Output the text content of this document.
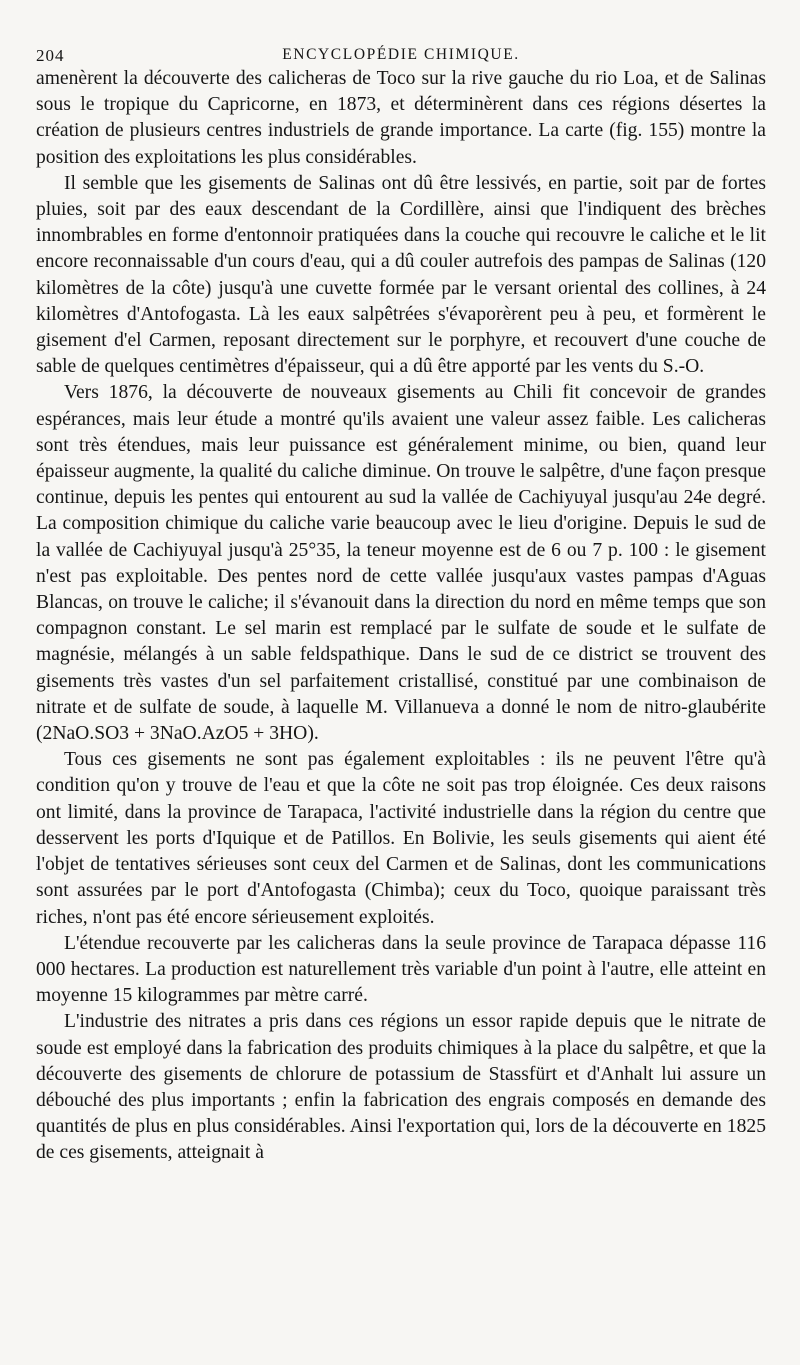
204	ENCYCLOPÉDIE CHIMIQUE.

amenèrent la découverte des calicheras de Toco sur la rive gauche du rio Loa, et de Salinas sous le tropique du Capricorne, en 1873, et déterminèrent dans ces régions désertes la création de plusieurs centres industriels de grande importance. La carte (fig. 155) montre la position des exploitations les plus considérables.

Il semble que les gisements de Salinas ont dû être lessivés, en partie, soit par de fortes pluies, soit par des eaux descendant de la Cordillère, ainsi que l'indiquent des brèches innombrables en forme d'entonnoir pratiquées dans la couche qui recouvre le caliche et le lit encore reconnaissable d'un cours d'eau, qui a dû couler autrefois des pampas de Salinas (120 kilomètres de la côte) jusqu'à une cuvette formée par le versant oriental des collines, à 24 kilomètres d'Antofogasta. Là les eaux salpêtrées s'évaporèrent peu à peu, et formèrent le gisement d'el Carmen, reposant directement sur le porphyre, et recouvert d'une couche de sable de quelques centimètres d'épaisseur, qui a dû être apporté par les vents du S.-O.

Vers 1876, la découverte de nouveaux gisements au Chili fit concevoir de grandes espérances, mais leur étude a montré qu'ils avaient une valeur assez faible. Les calicheras sont très étendues, mais leur puissance est généralement minime, ou bien, quand leur épaisseur augmente, la qualité du caliche diminue. On trouve le salpêtre, d'une façon presque continue, depuis les pentes qui entourent au sud la vallée de Cachiyuyal jusqu'au 24e degré. La composition chimique du caliche varie beaucoup avec le lieu d'origine. Depuis le sud de la vallée de Cachiyuyal jusqu'à 25°35, la teneur moyenne est de 6 ou 7 p. 100 : le gisement n'est pas exploitable. Des pentes nord de cette vallée jusqu'aux vastes pampas d'Aguas Blancas, on trouve le caliche; il s'évanouit dans la direction du nord en même temps que son compagnon constant. Le sel marin est remplacé par le sulfate de soude et le sulfate de magnésie, mélangés à un sable feldspathique. Dans le sud de ce district se trouvent des gisements très vastes d'un sel parfaitement cristallisé, constitué par une combinaison de nitrate et de sulfate de soude, à laquelle M. Villanueva a donné le nom de nitro-glaubérite (2NaO.SO3 + 3NaO.AzO5 + 3HO).

Tous ces gisements ne sont pas également exploitables : ils ne peuvent l'être qu'à condition qu'on y trouve de l'eau et que la côte ne soit pas trop éloignée. Ces deux raisons ont limité, dans la province de Tarapaca, l'activité industrielle dans la région du centre que desservent les ports d'Iquique et de Patillos. En Bolivie, les seuls gisements qui aient été l'objet de tentatives sérieuses sont ceux del Carmen et de Salinas, dont les communications sont assurées par le port d'Antofogasta (Chimba); ceux du Toco, quoique paraissant très riches, n'ont pas été encore sérieusement exploités.

L'étendue recouverte par les calicheras dans la seule province de Tarapaca dépasse 116 000 hectares. La production est naturellement très variable d'un point à l'autre, elle atteint en moyenne 15 kilogrammes par mètre carré.

L'industrie des nitrates a pris dans ces régions un essor rapide depuis que le nitrate de soude est employé dans la fabrication des produits chimiques à la place du salpêtre, et que la découverte des gisements de chlorure de potassium de Stassfürt et d'Anhalt lui assure un débouché des plus importants ; enfin la fabrication des engrais composés en demande des quantités de plus en plus considérables. Ainsi l'exportation qui, lors de la découverte en 1825 de ces gisements, atteignait à
